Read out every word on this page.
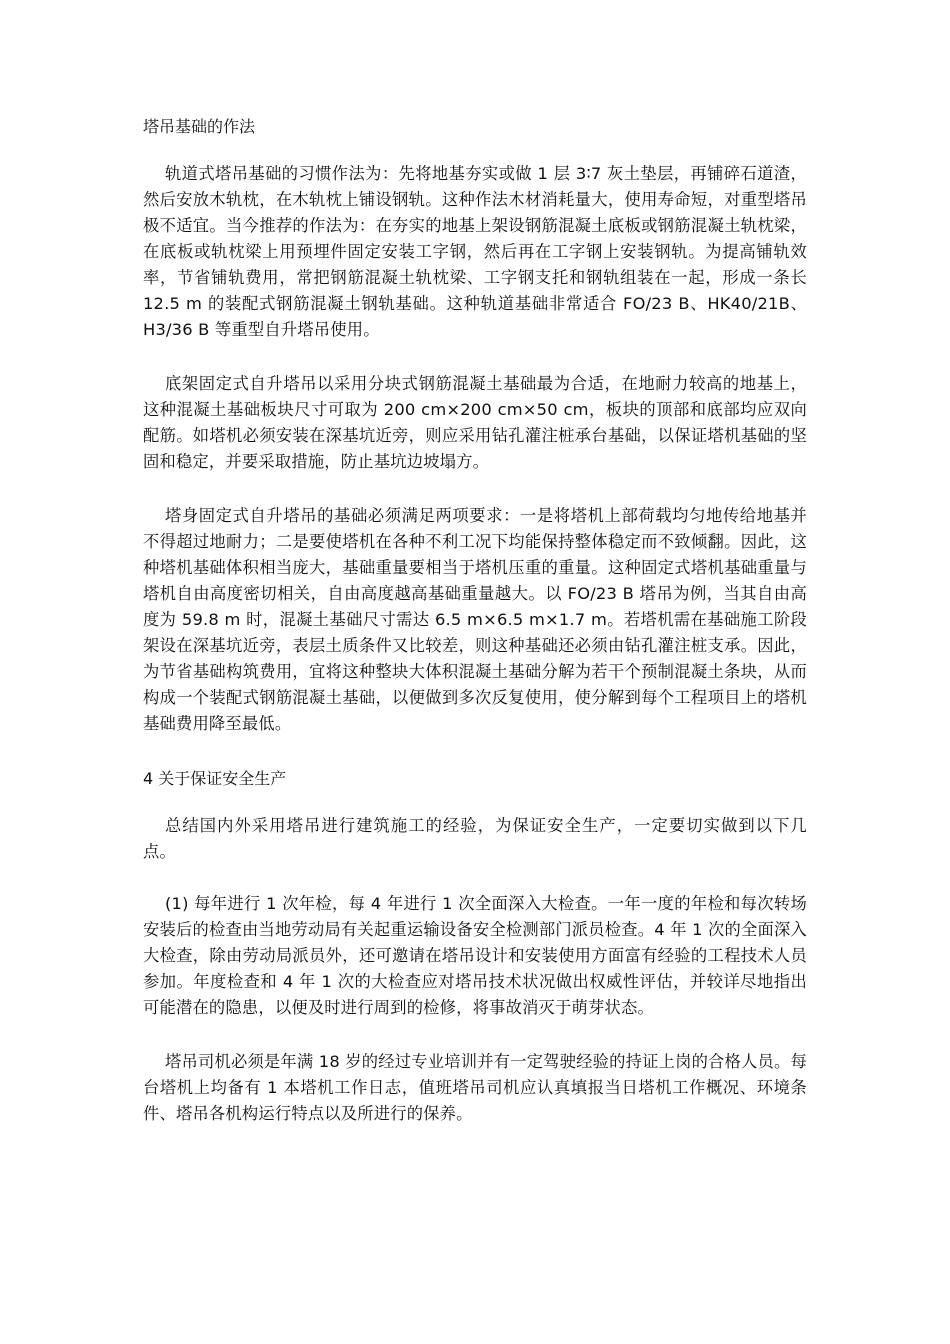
塔吊基础的作法

轨道式塔吊基础的习惯作法为：先将地基夯实或做 1 层 3∶7 灰土垫层，再铺碎石道渣，然后安放木轨枕，在木轨枕上铺设钢轨。这种作法木材消耗量大，使用寿命短，对重型塔吊极不适宜。当今推荐的作法为：在夯实的地基上架设钢筋混凝土底板或钢筋混凝土轨枕梁，在底板或轨枕梁上用预埋件固定安装工字钢，然后再在工字钢上安装钢轨。为提高铺轨效率，节省铺轨费用，常把钢筋混凝土轨枕梁、工字钢支托和钢轨组装在一起，形成一条长 12.5 m 的装配式钢筋混凝土钢轨基础。这种轨道基础非常适合 FO/23 B、HK40/21B、H3/36 B 等重型自升塔吊使用。

底架固定式自升塔吊以采用分块式钢筋混凝土基础最为合适，在地耐力较高的地基上，这种混凝土基础板块尺寸可取为 200 cm×200 cm×50 cm，板块的顶部和底部均应双向配筋。如塔机必须安装在深基坑近旁，则应采用钻孔灌注桩承台基础，以保证塔机基础的坚固和稳定，并要采取措施，防止基坑边坡塌方。

塔身固定式自升塔吊的基础必须满足两项要求：一是将塔机上部荷载均匀地传给地基并不得超过地耐力；二是要使塔机在各种不利工况下均能保持整体稳定而不致倾翻。因此，这种塔机基础体积相当庞大，基础重量要相当于塔机压重的重量。这种固定式塔机基础重量与塔机自由高度密切相关，自由高度越高基础重量越大。以 FO/23 B 塔吊为例，当其自由高度为 59.8 m 时，混凝土基础尺寸需达 6.5 m×6.5 m×1.7 m。若塔机需在基础施工阶段架设在深基坑近旁，表层土质条件又比较差，则这种基础还必须由钻孔灌注桩支承。因此，为节省基础构筑费用，宜将这种整块大体积混凝土基础分解为若干个预制混凝土条块，从而构成一个装配式钢筋混凝土基础，以便做到多次反复使用，使分解到每个工程项目上的塔机基础费用降至最低。

4 关于保证安全生产

总结国内外采用塔吊进行建筑施工的经验，为保证安全生产，一定要切实做到以下几点。

(1) 每年进行 1 次年检，每 4 年进行 1 次全面深入大检查。一年一度的年检和每次转场安装后的检查由当地劳动局有关起重运输设备安全检测部门派员检查。4 年 1 次的全面深入大检查，除由劳动局派员外，还可邀请在塔吊设计和安装使用方面富有经验的工程技术人员参加。年度检查和 4 年 1 次的大检查应对塔吊技术状况做出权威性评估，并较详尽地指出可能潜在的隐患，以便及时进行周到的检修，将事故消灭于萌芽状态。

塔吊司机必须是年满 18 岁的经过专业培训并有一定驾驶经验的持证上岗的合格人员。每台塔机上均备有 1 本塔机工作日志，值班塔吊司机应认真填报当日塔机工作概况、环境条件、塔吊各机构运行特点以及所进行的保养。
